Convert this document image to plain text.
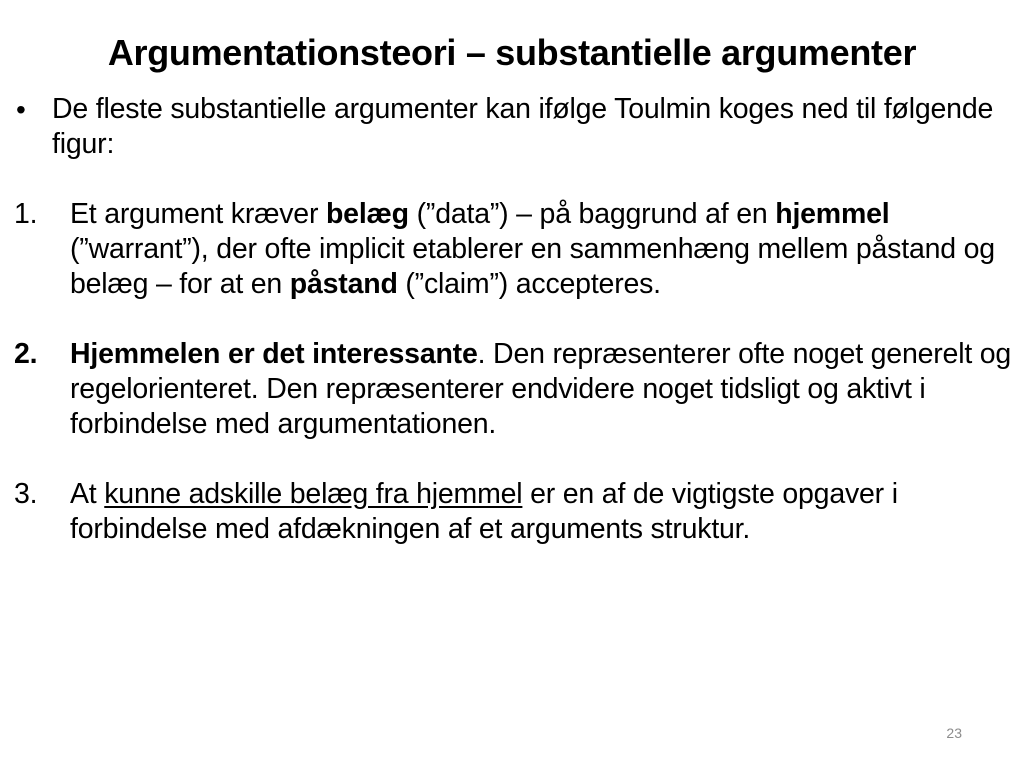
Argumentationsteori – substantielle argumenter

• De fleste substantielle argumenter kan ifølge Toulmin koges ned til følgende figur:

1. Et argument kræver belæg (”data”) – på baggrund af en hjemmel (”warrant”), der ofte implicit etablerer en sammenhæng mellem påstand og belæg – for at en påstand (”claim”) accepteres.

2. Hjemmelen er det interessante. Den repræsenterer ofte noget generelt og regelorienteret. Den repræsenterer endvidere noget tidsligt og aktivt i forbindelse med argumentationen.

3. At kunne adskille belæg fra hjemmel er en af de vigtigste opgaver i forbindelse med afdækningen af et arguments struktur.

23
